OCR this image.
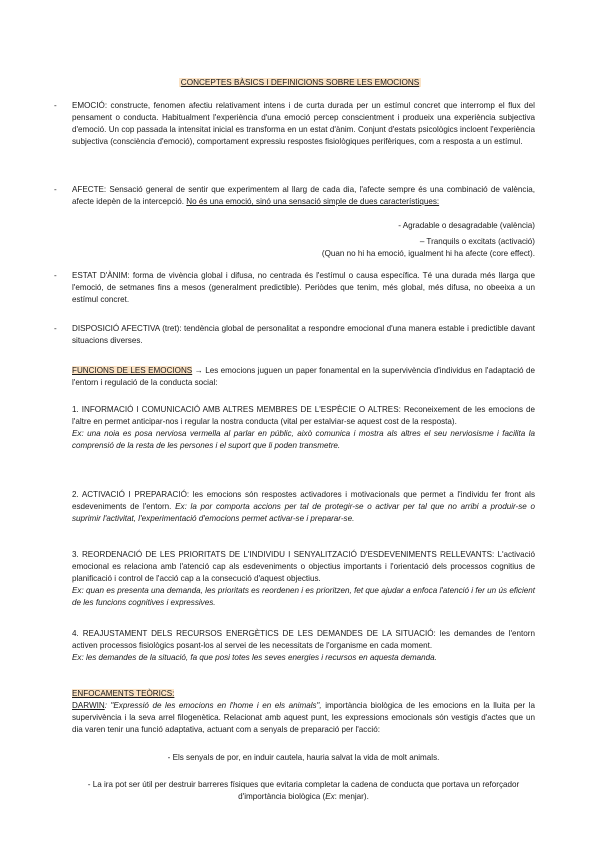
CONCEPTES BÀSICS I DEFINICIONS SOBRE LES EMOCIONS
- EMOCIÓ: constructe, fenomen afectiu relativament intens i de curta durada per un estímul concret que interromp el flux del pensament o conducta. Habitualment l'experiència d'una emoció percep conscientment i produeix una experiència subjectiva d'emoció. Un cop passada la intensitat inicial es transforma en un estat d'ànim. Conjunt d'estats psicològics incloent l'experiència subjectiva (consciència d'emoció), comportament expressiu respostes fisiològiques perifèriques, com a resposta a un estímul.
- AFECTE: Sensació general de sentir que experimentem al llarg de cada dia, l'afecte sempre és una combinació de valència, afecte idepèn de la intercepció. No és una emoció, sinó una sensació simple de dues característiques:
- Agradable o desagradable (valència)
– Tranquils o excitats (activació)
(Quan no hi ha emoció, igualment hi ha afecte (core effect).
- ESTAT D'ÀNIM: forma de vivència global i difusa, no centrada és l'estímul o causa específica. Té una durada més llarga que l'emoció, de setmanes fins a mesos (generalment predictible). Periòdes que tenim, més global, més difusa, no obeeixa a un estímul concret.
- DISPOSICIÓ AFECTIVA (tret): tendència global de personalitat a respondre emocional d'una manera estable i predictible davant situacions diverses.
FUNCIONS DE LES EMOCIONS → Les emocions juguen un paper fonamental en la supervivència d'individus en l'adaptació de l'entorn i regulació de la conducta social:
1. INFORMACIÓ I COMUNICACIÓ AMB ALTRES MEMBRES DE L'ESPÈCIE O ALTRES: Reconeixement de les emocions de l'altre en permet anticipar-nos i regular la nostra conducta (vital per estalviar-se aquest cost de la resposta).
Ex: una noia es posa nerviosa vermella al parlar en públic, això comunica i mostra als altres el seu nerviosisme i facilita la comprensió de la resta de les persones i el suport que li poden transmetre.
2. ACTIVACIÓ I PREPARACIÓ: les emocions són respostes activadores i motivacionals que permet a l'individu fer front als esdeveniments de l'entorn. Ex: la por comporta accions per tal de protegir-se o activar per tal que no arribi a produir-se o suprimir l'activitat, l'experimentació d'emocions permet activar-se i preparar-se.
3. REORDENACIÓ DE LES PRIORITATS DE L'INDIVIDU I SENYALITZACIÓ D'ESDEVENIMENTS RELLEVANTS: L'activació emocional es relaciona amb l'atenció cap als esdeveniments o objectius importants i l'orientació dels processos cognitius de planificació i control de l'acció cap a la consecució d'aquest objectius.
Ex: quan es presenta una demanda, les prioritats es reordenen i es prioritzen, fet que ajudar a enfoca l'atenció i fer un ús eficient de les funcions cognitives i expressives.
4. REAJUSTAMENT DELS RECURSOS ENERGÈTICS DE LES DEMANDES DE LA SITUACIÓ: les demandes de l'entorn activen processos fisiològics posant-los al servei de les necessitats de l'organisme en cada moment.
Ex: les demandes de la situació, fa que posi totes les seves energies i recursos en aquesta demanda.
ENFOCAMENTS TEÒRICS:
DARWIN: "Expressió de les emocions en l'home i en els animals", importància biològica de les emocions en la lluita per la supervivència i la seva arrel filogenètica. Relacionat amb aquest punt, les expressions emocionals són vestigis d'actes que un dia varen tenir una funció adaptativa, actuant com a senyals de preparació per l'acció:
- Els senyals de por, en induir cautela, hauria salvat la vida de molt animals.
- La ira pot ser útil per destruir barreres físiques que evitaria completar la cadena de conducta que portava un reforçador d'importància biològica (Ex: menjar).
